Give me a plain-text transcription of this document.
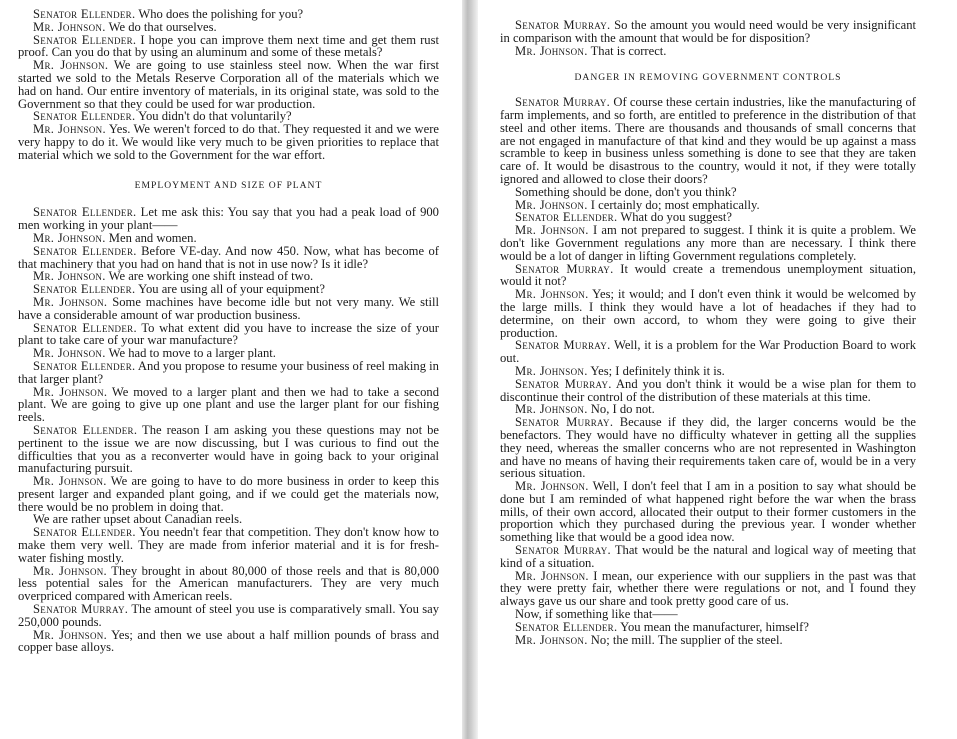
Senator Ellender. Who does the polishing for you?

Mr. Johnson. We do that ourselves.

Senator Ellender. I hope you can improve them next time and get them rust proof. Can you do that by using an aluminum and some of these metals?

Mr. Johnson. We are going to use stainless steel now. When the war first started we sold to the Metals Reserve Corporation all of the materials which we had on hand. Our entire inventory of materials, in its original state, was sold to the Government so that they could be used for war production.

Senator Ellender. You didn't do that voluntarily?

Mr. Johnson. Yes. We weren't forced to do that. They requested it and we were very happy to do it. We would like very much to be given priorities to replace that material which we sold to the Government for the war effort.

EMPLOYMENT AND SIZE OF PLANT

Senator Ellender. Let me ask this: You say that you had a peak load of 900 men working in your plant——

Mr. Johnson. Men and women.

Senator Ellender. Before VE-day. And now 450. Now, what has become of that machinery that you had on hand that is not in use now? Is it idle?

Mr. Johnson. We are working one shift instead of two.

Senator Ellender. You are using all of your equipment?

Mr. Johnson. Some machines have become idle but not very many. We still have a considerable amount of war production business.

Senator Ellender. To what extent did you have to increase the size of your plant to take care of your war manufacture?

Mr. Johnson. We had to move to a larger plant.

Senator Ellender. And you propose to resume your business of reel making in that larger plant?

Mr. Johnson. We moved to a larger plant and then we had to take a second plant. We are going to give up one plant and use the larger plant for our fishing reels.

Senator Ellender. The reason I am asking you these questions may not be pertinent to the issue we are now discussing, but I was curious to find out the difficulties that you as a reconverter would have in going back to your original manufacturing pursuit.

Mr. Johnson. We are going to have to do more business in order to keep this present larger and expanded plant going, and if we could get the materials now, there would be no problem in doing that.

We are rather upset about Canadian reels.

Senator Ellender. You needn't fear that competition. They don't know how to make them very well. They are made from inferior material and it is for fresh-water fishing mostly.

Mr. Johnson. They brought in about 80,000 of those reels and that is 80,000 less potential sales for the American manufacturers. They are very much overpriced compared with American reels.

Senator Murray. The amount of steel you use is comparatively small. You say 250,000 pounds.

Mr. Johnson. Yes; and then we use about a half million pounds of brass and copper base alloys.

Senator Murray. So the amount you would need would be very insignificant in comparison with the amount that would be for disposition?

Mr. Johnson. That is correct.

DANGER IN REMOVING GOVERNMENT CONTROLS

Senator Murray. Of course these certain industries, like the manufacturing of farm implements, and so forth, are entitled to preference in the distribution of that steel and other items. There are thousands and thousands of small concerns that are not engaged in manufacture of that kind and they would be up against a mass scramble to keep in business unless something is done to see that they are taken care of. It would be disastrous to the country, would it not, if they were totally ignored and allowed to close their doors?

Something should be done, don't you think?

Mr. Johnson. I certainly do; most emphatically.

Senator Ellender. What do you suggest?

Mr. Johnson. I am not prepared to suggest. I think it is quite a problem. We don't like Government regulations any more than are necessary. I think there would be a lot of danger in lifting Government regulations completely.

Senator Murray. It would create a tremendous unemployment situation, would it not?

Mr. Johnson. Yes; it would; and I don't even think it would be welcomed by the large mills. I think they would have a lot of headaches if they had to determine, on their own accord, to whom they were going to give their production.

Senator Murray. Well, it is a problem for the War Production Board to work out.

Mr. Johnson. Yes; I definitely think it is.

Senator Murray. And you don't think it would be a wise plan for them to discontinue their control of the distribution of these materials at this time.

Mr. Johnson. No, I do not.

Senator Murray. Because if they did, the larger concerns would be the benefactors. They would have no difficulty whatever in getting all the supplies they need, whereas the smaller concerns who are not represented in Washington and have no means of having their requirements taken care of, would be in a very serious situation.

Mr. Johnson. Well, I don't feel that I am in a position to say what should be done but I am reminded of what happened right before the war when the brass mills, of their own accord, allocated their output to their former customers in the proportion which they purchased during the previous year. I wonder whether something like that would be a good idea now.

Senator Murray. That would be the natural and logical way of meeting that kind of a situation.

Mr. Johnson. I mean, our experience with our suppliers in the past was that they were pretty fair, whether there were regulations or not, and I found they always gave us our share and took pretty good care of us.

Now, if something like that——

Senator Ellender. You mean the manufacturer, himself?

Mr. Johnson. No; the mill. The supplier of the steel.
